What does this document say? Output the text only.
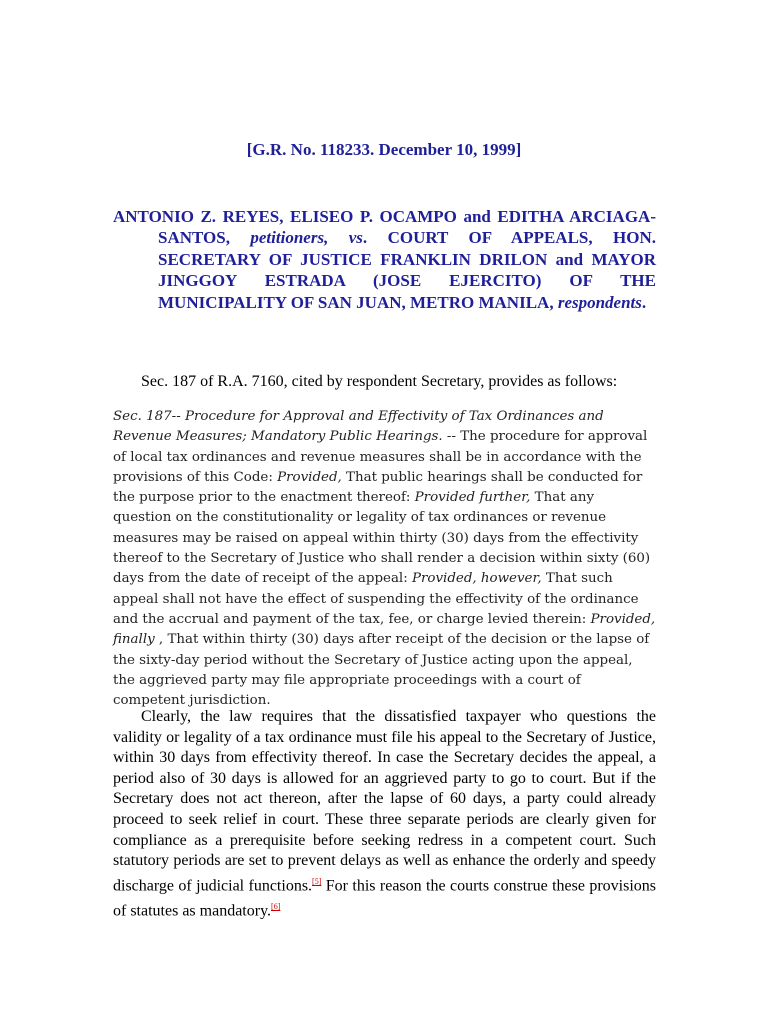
[G.R. No. 118233. December 10, 1999]
ANTONIO Z. REYES, ELISEO P. OCAMPO and EDITHA ARCIAGA-SANTOS, petitioners, vs. COURT OF APPEALS, HON. SECRETARY OF JUSTICE FRANKLIN DRILON and MAYOR JINGGOY ESTRADA (JOSE EJERCITO) OF THE MUNICIPALITY OF SAN JUAN, METRO MANILA, respondents.
Sec. 187 of R.A. 7160, cited by respondent Secretary, provides as follows:
Sec. 187-- Procedure for Approval and Effectivity of Tax Ordinances and Revenue Measures; Mandatory Public Hearings. -- The procedure for approval of local tax ordinances and revenue measures shall be in accordance with the provisions of this Code: Provided, That public hearings shall be conducted for the purpose prior to the enactment thereof: Provided further, That any question on the constitutionality or legality of tax ordinances or revenue measures may be raised on appeal within thirty (30) days from the effectivity thereof to the Secretary of Justice who shall render a decision within sixty (60) days from the date of receipt of the appeal: Provided, however, That such appeal shall not have the effect of suspending the effectivity of the ordinance and the accrual and payment of the tax, fee, or charge levied therein: Provided, finally , That within thirty (30) days after receipt of the decision or the lapse of the sixty-day period without the Secretary of Justice acting upon the appeal, the aggrieved party may file appropriate proceedings with a court of competent jurisdiction.
Clearly, the law requires that the dissatisfied taxpayer who questions the validity or legality of a tax ordinance must file his appeal to the Secretary of Justice, within 30 days from effectivity thereof. In case the Secretary decides the appeal, a period also of 30 days is allowed for an aggrieved party to go to court. But if the Secretary does not act thereon, after the lapse of 60 days, a party could already proceed to seek relief in court. These three separate periods are clearly given for compliance as a prerequisite before seeking redress in a competent court. Such statutory periods are set to prevent delays as well as enhance the orderly and speedy discharge of judicial functions.[5] For this reason the courts construe these provisions of statutes as mandatory.[6]
